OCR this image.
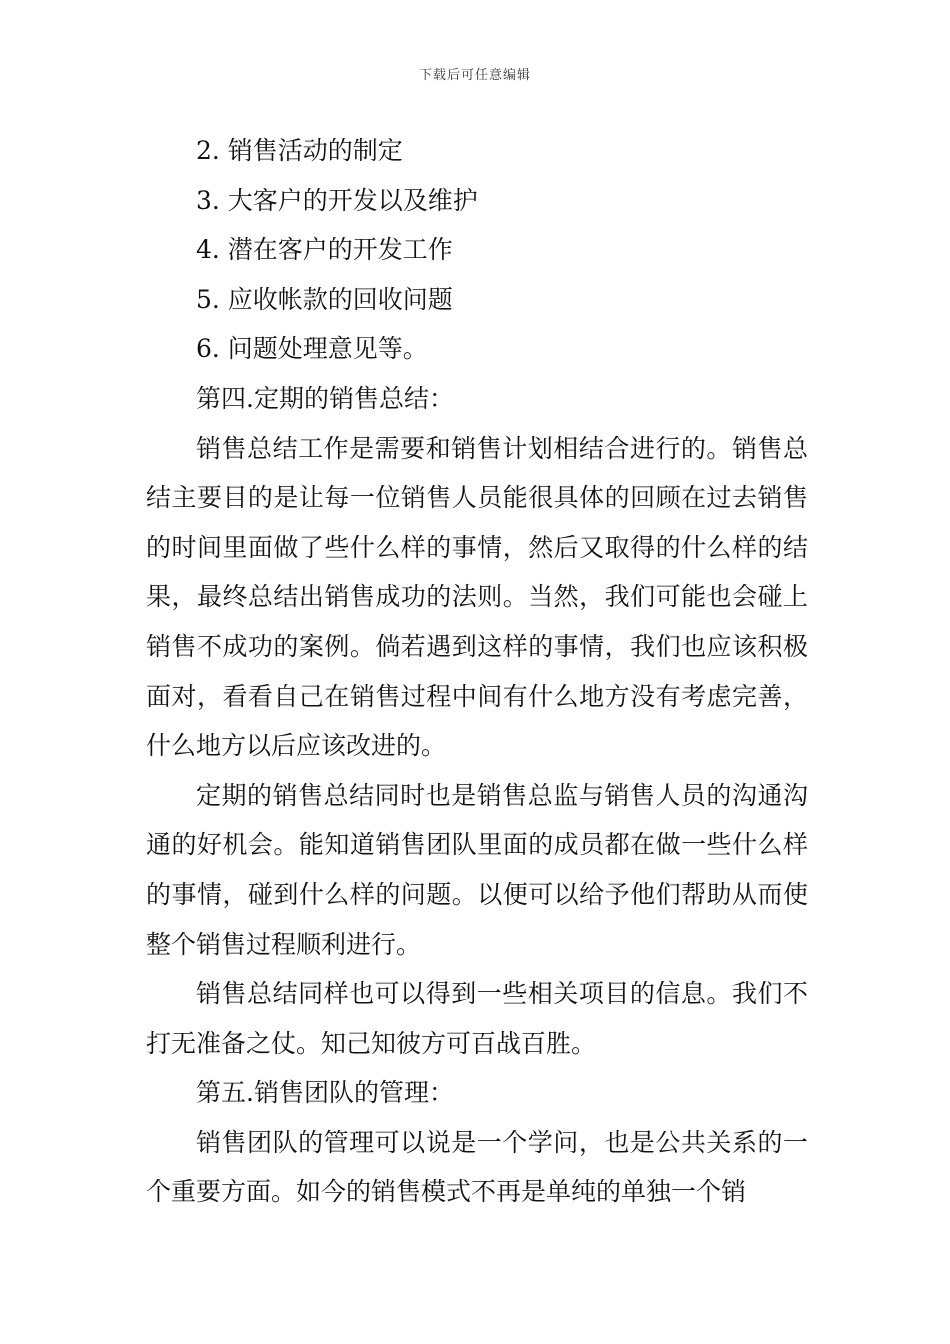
下载后可任意编辑
2. 销售活动的制定
3. 大客户的开发以及维护
4. 潜在客户的开发工作
5. 应收帐款的回收问题
6. 问题处理意见等。
第四.定期的销售总结：

销售总结工作是需要和销售计划相结合进行的。销售总结主要目的是让每一位销售人员能很具体的回顾在过去销售的时间里面做了些什么样的事情，然后又取得的什么样的结果，最终总结出销售成功的法则。当然，我们可能也会碰上销售不成功的案例。倘若遇到这样的事情，我们也应该积极面对，看看自己在销售过程中间有什么地方没有考虑完善，什么地方以后应该改进的。

定期的销售总结同时也是销售总监与销售人员的沟通沟通的好机会。能知道销售团队里面的成员都在做一些什么样的事情，碰到什么样的问题。以便可以给予他们帮助从而使整个销售过程顺利进行。

销售总结同样也可以得到一些相关项目的信息。我们不打无准备之仗。知己知彼方可百战百胜。

第五.销售团队的管理：

销售团队的管理可以说是一个学问，也是公共关系的一个重要方面。如今的销售模式不再是单纯的单独一个销
